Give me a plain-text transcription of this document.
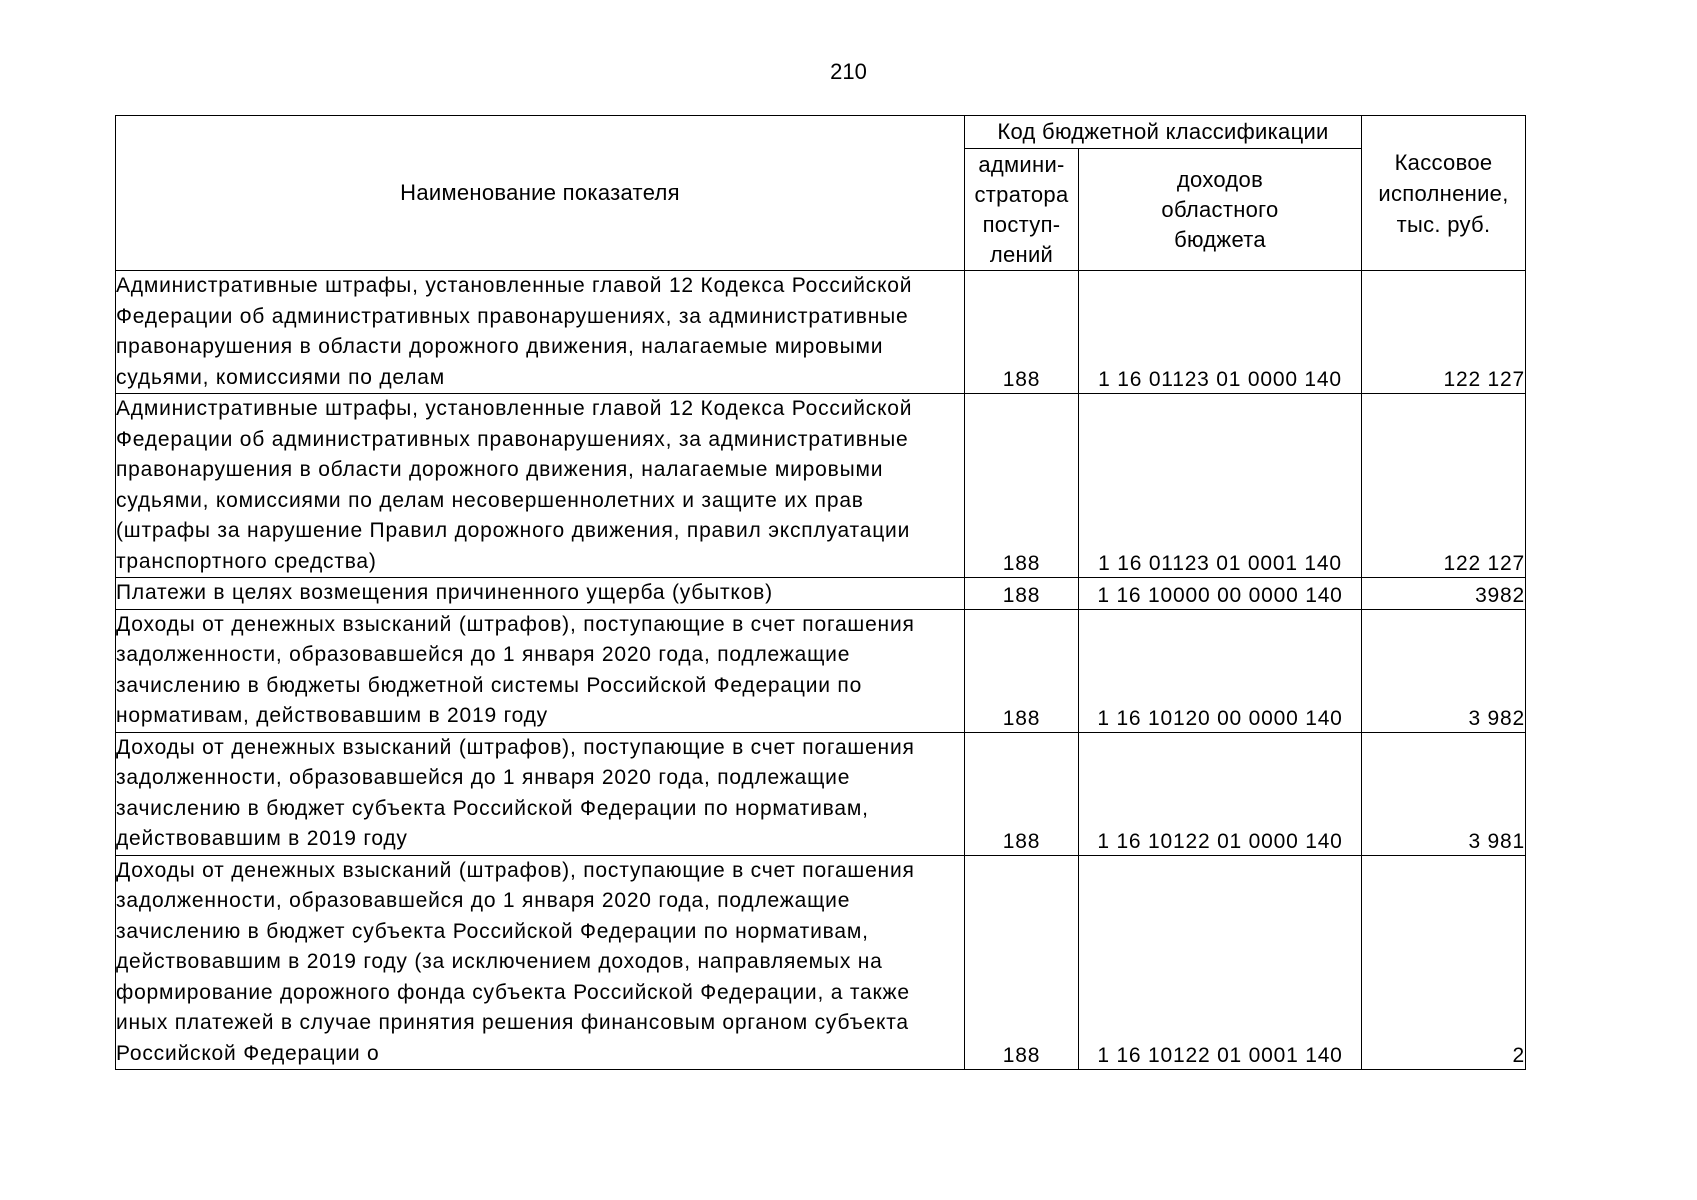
210
Наименование показателя	Код бюджетной классификации		Кассовое
исполнение,
тыс. руб.

	админи-
стратора
поступ-
лений	доходов
областного
бюджета	

Административные штрафы, установленные главой 12 Кодекса Российской Федерации об административных правонарушениях, за административные правонарушения в области дорожного движения, налагаемые мировыми судьями, комиссиями по делам	188	1 16 01123 01 0000 140	122 127
Административные штрафы, установленные главой 12 Кодекса Российской Федерации об административных правонарушениях, за административные правонарушения в области дорожного движения, налагаемые мировыми судьями, комиссиями по делам несовершеннолетних и защите их прав (штрафы за нарушение Правил дорожного движения, правил эксплуатации транспортного средства)	188	1 16 01123 01 0001 140	122 127
Платежи в целях возмещения причиненного ущерба (убытков)	188	1 16 10000 00 0000 140	3982
Доходы от денежных взысканий (штрафов), поступающие в счет погашения задолженности, образовавшейся до 1 января 2020 года, подлежащие зачислению в бюджеты бюджетной системы Российской Федерации по нормативам, действовавшим в 2019 году	188	1 16 10120 00 0000 140	3 982
Доходы от денежных взысканий (штрафов), поступающие в счет погашения задолженности, образовавшейся до 1 января 2020 года, подлежащие зачислению в бюджет субъекта Российской Федерации по нормативам, действовавшим в 2019 году	188	1 16 10122 01 0000 140	3 981
Доходы от денежных взысканий (штрафов), поступающие в счет погашения задолженности, образовавшейся до 1 января 2020 года, подлежащие зачислению в бюджет субъекта Российской Федерации по нормативам, действовавшим в 2019 году (за исключением доходов, направляемых на формирование дорожного фонда субъекта Российской Федерации, а также иных платежей в случае принятия решения финансовым органом субъекта Российской Федерации о	188	1 16 10122 01 0001 140	2
